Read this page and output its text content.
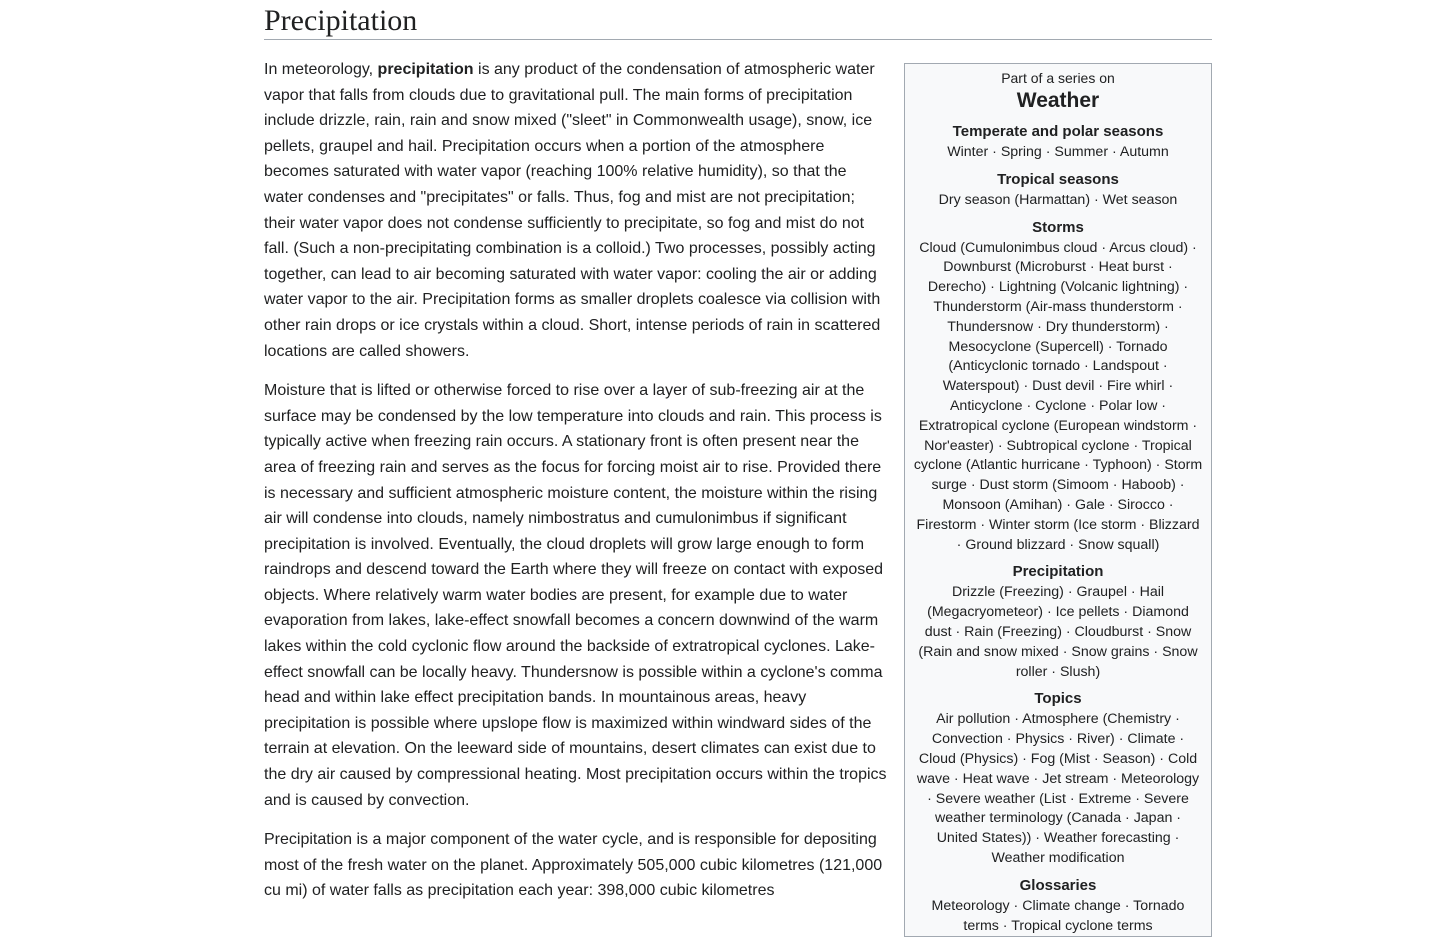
Precipitation
Part of a series on
Weather
Temperate and polar seasons
Winter · Spring · Summer · Autumn
Tropical seasons
Dry season (Harmattan) · Wet season
Storms
Cloud (Cumulonimbus cloud · Arcus cloud) · Downburst (Microburst · Heat burst · Derecho) · Lightning (Volcanic lightning) · Thunderstorm (Air-mass thunderstorm · Thundersnow · Dry thunderstorm) · Mesocyclone (Supercell) · Tornado (Anticyclonic tornado · Landspout · Waterspout) · Dust devil · Fire whirl · Anticyclone · Cyclone · Polar low · Extratropical cyclone (European windstorm · Nor'easter) · Subtropical cyclone · Tropical cyclone (Atlantic hurricane · Typhoon) · Storm surge · Dust storm (Simoom · Haboob) · Monsoon (Amihan) · Gale · Sirocco · Firestorm · Winter storm (Ice storm · Blizzard · Ground blizzard · Snow squall)
Precipitation
Drizzle (Freezing) · Graupel · Hail (Megacryometeor) · Ice pellets · Diamond dust · Rain (Freezing) · Cloudburst · Snow (Rain and snow mixed · Snow grains · Snow roller · Slush)
Topics
Air pollution · Atmosphere (Chemistry · Convection · Physics · River) · Climate · Cloud (Physics) · Fog (Mist · Season) · Cold wave · Heat wave · Jet stream · Meteorology · Severe weather (List · Extreme · Severe weather terminology (Canada · Japan · United States)) · Weather forecasting · Weather modification
Glossaries
Meteorology · Climate change · Tornado terms · Tropical cyclone terms

In meteorology, precipitation is any product of the condensation of atmospheric water vapor that falls from clouds due to gravitational pull. The main forms of precipitation include drizzle, rain, rain and snow mixed ("sleet" in Commonwealth usage), snow, ice pellets, graupel and hail. Precipitation occurs when a portion of the atmosphere becomes saturated with water vapor (reaching 100% relative humidity), so that the water condenses and "precipitates" or falls. Thus, fog and mist are not precipitation; their water vapor does not condense sufficiently to precipitate, so fog and mist do not fall. (Such a non-precipitating combination is a colloid.) Two processes, possibly acting together, can lead to air becoming saturated with water vapor: cooling the air or adding water vapor to the air. Precipitation forms as smaller droplets coalesce via collision with other rain drops or ice crystals within a cloud. Short, intense periods of rain in scattered locations are called showers.

Moisture that is lifted or otherwise forced to rise over a layer of sub-freezing air at the surface may be condensed by the low temperature into clouds and rain. This process is typically active when freezing rain occurs. A stationary front is often present near the area of freezing rain and serves as the focus for forcing moist air to rise. Provided there is necessary and sufficient atmospheric moisture content, the moisture within the rising air will condense into clouds, namely nimbostratus and cumulonimbus if significant precipitation is involved. Eventually, the cloud droplets will grow large enough to form raindrops and descend toward the Earth where they will freeze on contact with exposed objects. Where relatively warm water bodies are present, for example due to water evaporation from lakes, lake-effect snowfall becomes a concern downwind of the warm lakes within the cold cyclonic flow around the backside of extratropical cyclones. Lake-effect snowfall can be locally heavy. Thundersnow is possible within a cyclone's comma head and within lake effect precipitation bands. In mountainous areas, heavy precipitation is possible where upslope flow is maximized within windward sides of the terrain at elevation. On the leeward side of mountains, desert climates can exist due to the dry air caused by compressional heating. Most precipitation occurs within the tropics and is caused by convection.

Precipitation is a major component of the water cycle, and is responsible for depositing most of the fresh water on the planet. Approximately 505,000 cubic kilometres (121,000 cu mi) of water falls as precipitation each year: 398,000 cubic kilometres
